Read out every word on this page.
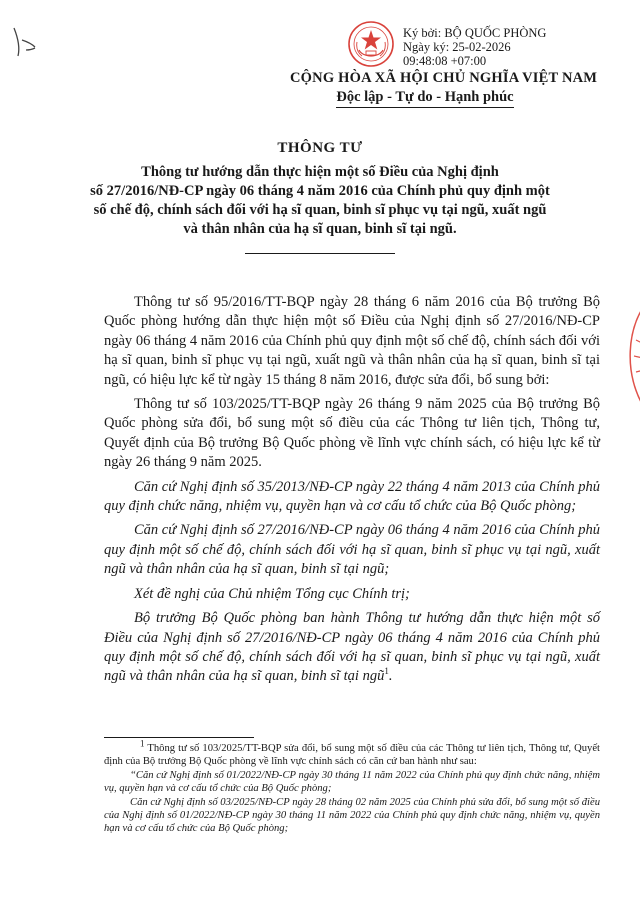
Ký bởi: BỘ QUỐC PHÒNG
Ngày ký: 25-02-2026
09:48:08 +07:00
CỘNG HÒA XÃ HỘI CHỦ NGHĨA VIỆT NAM
Độc lập - Tự do - Hạnh phúc
THÔNG TƯ
Thông tư hướng dẫn thực hiện một số Điều của Nghị định
số 27/2016/NĐ-CP ngày 06 tháng 4 năm 2016 của Chính phủ quy định một
số chế độ, chính sách đối với hạ sĩ quan, binh sĩ phục vụ tại ngũ, xuất ngũ
và thân nhân của hạ sĩ quan, binh sĩ tại ngũ.

Thông tư số 95/2016/TT-BQP ngày 28 tháng 6 năm 2016 của Bộ trưởng Bộ Quốc phòng hướng dẫn thực hiện một số Điều của Nghị định số 27/2016/NĐ-CP ngày 06 tháng 4 năm 2016 của Chính phủ quy định một số chế độ, chính sách đối với hạ sĩ quan, binh sĩ phục vụ tại ngũ, xuất ngũ và thân nhân của hạ sĩ quan, binh sĩ tại ngũ, có hiệu lực kể từ ngày 15 tháng 8 năm 2016, được sửa đổi, bổ sung bởi:

Thông tư số 103/2025/TT-BQP ngày 26 tháng 9 năm 2025 của Bộ trưởng Bộ Quốc phòng sửa đổi, bổ sung một số điều của các Thông tư liên tịch, Thông tư, Quyết định của Bộ trưởng Bộ Quốc phòng về lĩnh vực chính sách, có hiệu lực kể từ ngày 26 tháng 9 năm 2025.

Căn cứ Nghị định số 35/2013/NĐ-CP ngày 22 tháng 4 năm 2013 của Chính phủ quy định chức năng, nhiệm vụ, quyền hạn và cơ cấu tổ chức của Bộ Quốc phòng;

Căn cứ Nghị định số 27/2016/NĐ-CP ngày 06 tháng 4 năm 2016 của Chính phủ quy định một số chế độ, chính sách đối với hạ sĩ quan, binh sĩ phục vụ tại ngũ, xuất ngũ và thân nhân của hạ sĩ quan, binh sĩ tại ngũ;

Xét đề nghị của Chủ nhiệm Tổng cục Chính trị;

Bộ trưởng Bộ Quốc phòng ban hành Thông tư hướng dẫn thực hiện một số Điều của Nghị định số 27/2016/NĐ-CP ngày 06 tháng 4 năm 2016 của Chính phủ quy định một số chế độ, chính sách đối với hạ sĩ quan, binh sĩ phục vụ tại ngũ, xuất ngũ và thân nhân của hạ sĩ quan, binh sĩ tại ngũ$^1$.

$^1$ Thông tư số 103/2025/TT-BQP sửa đổi, bổ sung một số điều của các Thông tư liên tịch, Thông tư, Quyết định của Bộ trưởng Bộ Quốc phòng về lĩnh vực chính sách có căn cứ ban hành như sau:

“Căn cứ Nghị định số 01/2022/NĐ-CP ngày 30 tháng 11 năm 2022 của Chính phủ quy định chức năng, nhiệm vụ, quyền hạn và cơ cấu tổ chức của Bộ Quốc phòng;

Căn cứ Nghị định số 03/2025/NĐ-CP ngày 28 tháng 02 năm 2025 của Chính phủ sửa đổi, bổ sung một số điều của Nghị định số 01/2022/NĐ-CP ngày 30 tháng 11 năm 2022 của Chính phủ quy định chức năng, nhiệm vụ, quyền hạn và cơ cấu tổ chức của Bộ Quốc phòng;
